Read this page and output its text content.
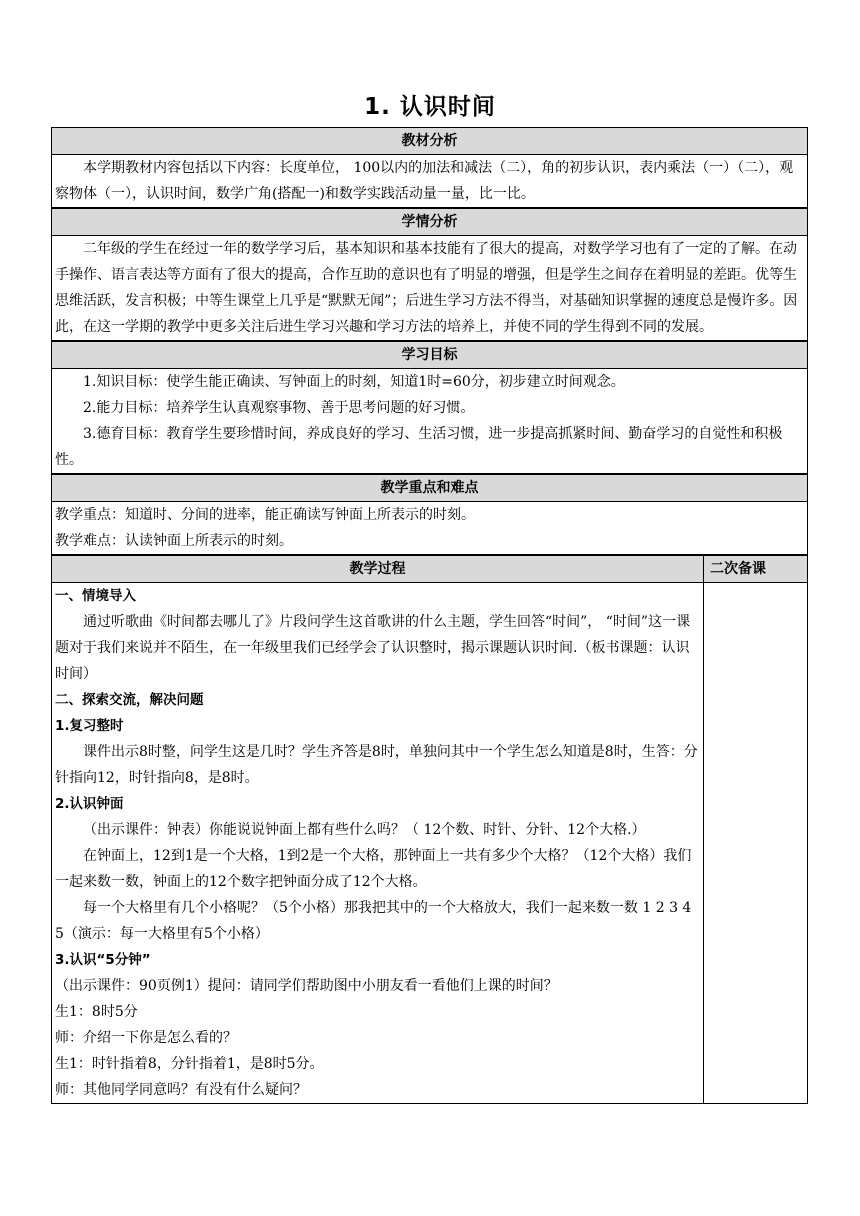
1. 认识时间
教材分析

本学期教材内容包括以下内容：长度单位， 100以内的加法和减法（二），角的初步认识，表内乘法（一）（二），观察物体（一），认识时间，数学广角(搭配一)和数学实践活动量一量，比一比。

学情分析

二年级的学生在经过一年的数学学习后，基本知识和基本技能有了很大的提高，对数学学习也有了一定的了解。在动手操作、语言表达等方面有了很大的提高，合作互助的意识也有了明显的增强，但是学生之间存在着明显的差距。优等生思维活跃，发言积极；中等生课堂上几乎是“默默无闻”；后进生学习方法不得当，对基础知识掌握的速度总是慢许多。因此，在这一学期的教学中更多关注后进生学习兴趣和学习方法的培养上，并使不同的学生得到不同的发展。

学习目标

1.知识目标：使学生能正确读、写钟面上的时刻，知道1时=60分，初步建立时间观念。

2.能力目标：培养学生认真观察事物、善于思考问题的好习惯。

3.德育目标：教育学生要珍惜时间，养成良好的学习、生活习惯，进一步提高抓紧时间、勤奋学习的自觉性和积极性。

教学重点和难点

教学重点：知道时、分间的进率，能正确读写钟面上所表示的时刻。

教学难点：认读钟面上所表示的时刻。

教学过程

一、情境导入

通过听歌曲《时间都去哪儿了》片段问学生这首歌讲的什么主题，学生回答“时间”， “时间”这一课题对于我们来说并不陌生，在一年级里我们已经学会了认识整时，揭示课题认识时间.（板书课题：认识时间）

二、探索交流，解决问题

1.复习整时

课件出示8时整，问学生这是几时？学生齐答是8时，单独问其中一个学生怎么知道是8时，生答：分针指向12，时针指向8，是8时。

2.认识钟面

（出示课件：钟表）你能说说钟面上都有些什么吗？（ 12个数、时针、分针、12个大格.）

在钟面上，12到1是一个大格，1到2是一个大格，那钟面上一共有多少个大格？（12个大格）我们一起来数一数，钟面上的12个数字把钟面分成了12个大格。

每一个大格里有几个小格呢？（5个小格）那我把其中的一个大格放大，我们一起来数一数 1 2 3 4 5（演示：每一大格里有5个小格）

3.认识“5分钟”

（出示课件：90页例1）提问：请同学们帮助图中小朋友看一看他们上课的时间？

生1：8时5分

师：介绍一下你是怎么看的？

生1：时针指着8，分针指着1，是8时5分。

师：其他同学同意吗？有没有什么疑问？

二次备课
